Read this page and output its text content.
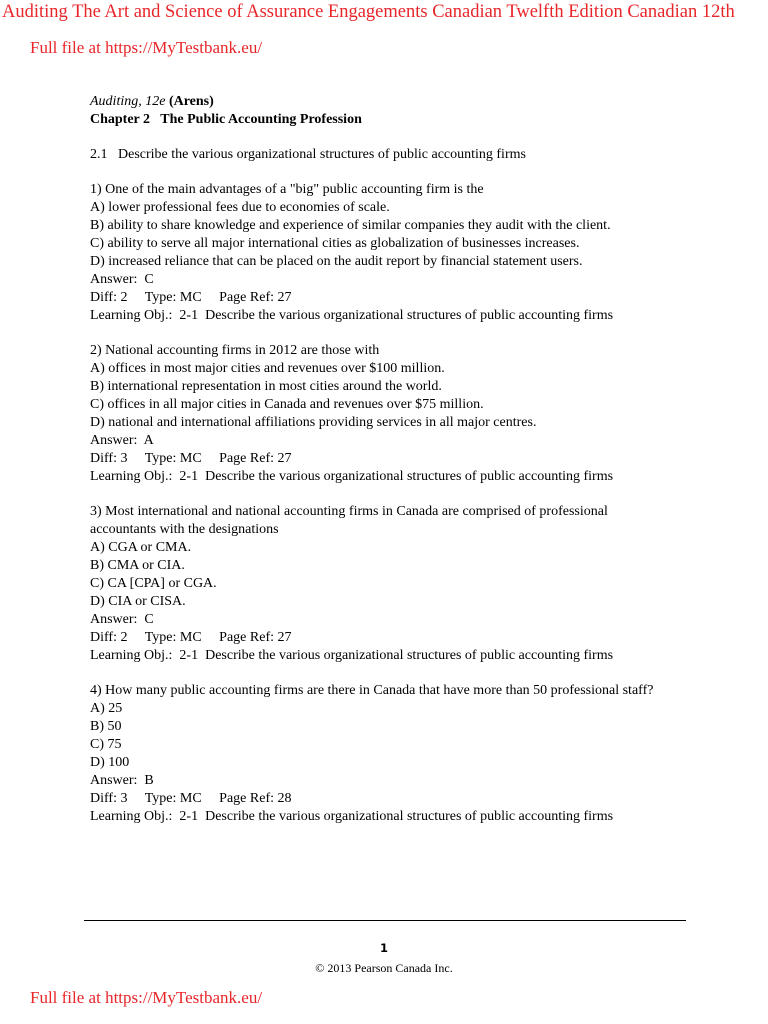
Auditing The Art and Science of Assurance Engagements Canadian Twelfth Edition Canadian 12th
Full file at https://MyTestbank.eu/
Auditing, 12e (Arens)
Chapter 2   The Public Accounting Profession
2.1   Describe the various organizational structures of public accounting firms
1) One of the main advantages of a "big" public accounting firm is the
A) lower professional fees due to economies of scale.
B) ability to share knowledge and experience of similar companies they audit with the client.
C) ability to serve all major international cities as globalization of businesses increases.
D) increased reliance that can be placed on the audit report by financial statement users.
Answer:  C
Diff: 2     Type: MC     Page Ref: 27
Learning Obj.:  2-1  Describe the various organizational structures of public accounting firms
2) National accounting firms in 2012 are those with
A) offices in most major cities and revenues over $100 million.
B) international representation in most cities around the world.
C) offices in all major cities in Canada and revenues over $75 million.
D) national and international affiliations providing services in all major centres.
Answer:  A
Diff: 3     Type: MC     Page Ref: 27
Learning Obj.:  2-1  Describe the various organizational structures of public accounting firms
3) Most international and national accounting firms in Canada are comprised of professional accountants with the designations
A) CGA or CMA.
B) CMA or CIA.
C) CA [CPA] or CGA.
D) CIA or CISA.
Answer:  C
Diff: 2     Type: MC     Page Ref: 27
Learning Obj.:  2-1  Describe the various organizational structures of public accounting firms
4) How many public accounting firms are there in Canada that have more than 50 professional staff?
A) 25
B) 50
C) 75
D) 100
Answer:  B
Diff: 3     Type: MC     Page Ref: 28
Learning Obj.:  2-1  Describe the various organizational structures of public accounting firms
1
© 2013 Pearson Canada Inc.
Full file at https://MyTestbank.eu/
